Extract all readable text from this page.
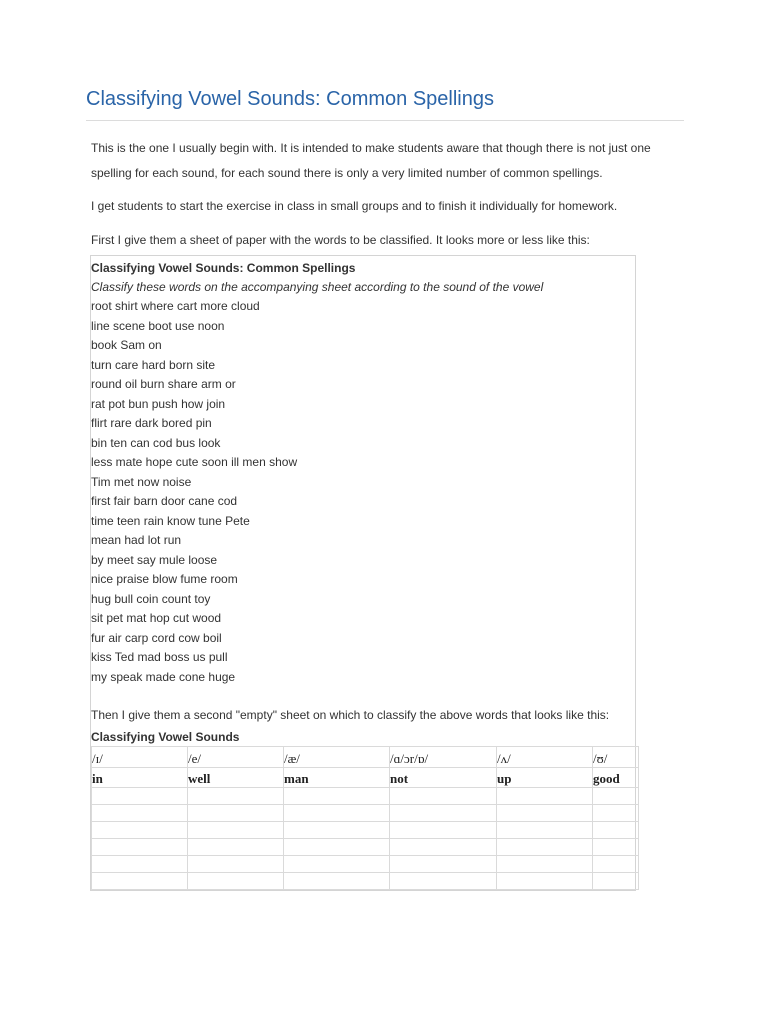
Classifying Vowel Sounds: Common Spellings

This is the one I usually begin with. It is intended to make students aware that though there is not just one spelling for each sound, for each sound there is only a very limited number of common spellings.

I get students to start the exercise in class in small groups and to finish it individually for homework.

First I give them a sheet of paper with the words to be classified. It looks more or less like this:

Classifying Vowel Sounds: Common Spellings
Classify these words on the accompanying sheet according to the sound of the vowel
root shirt where cart more cloud
line scene boot use noon
book Sam on
turn care hard born site
round oil burn share arm or
rat pot bun push how join
flirt rare dark bored pin
bin ten can cod bus look
less mate hope cute soon ill men show
Tim met now noise
first fair barn door cane cod
time teen rain know tune Pete
mean had lot run
by meet say mule loose
nice praise blow fume room
hug bull coin count toy
sit pet mat hop cut wood
fur air carp cord cow boil
kiss Ted mad boss us pull
my speak made cone huge
Then I give them a second "empty" sheet on which to classify the above words that looks like this:
Classifying Vowel Sounds
/ɪ/	/e/	/æ/	/ɑ/ɔr/ɒ/	/ʌ/	/ʊ/
in	well	man	not	up	good
